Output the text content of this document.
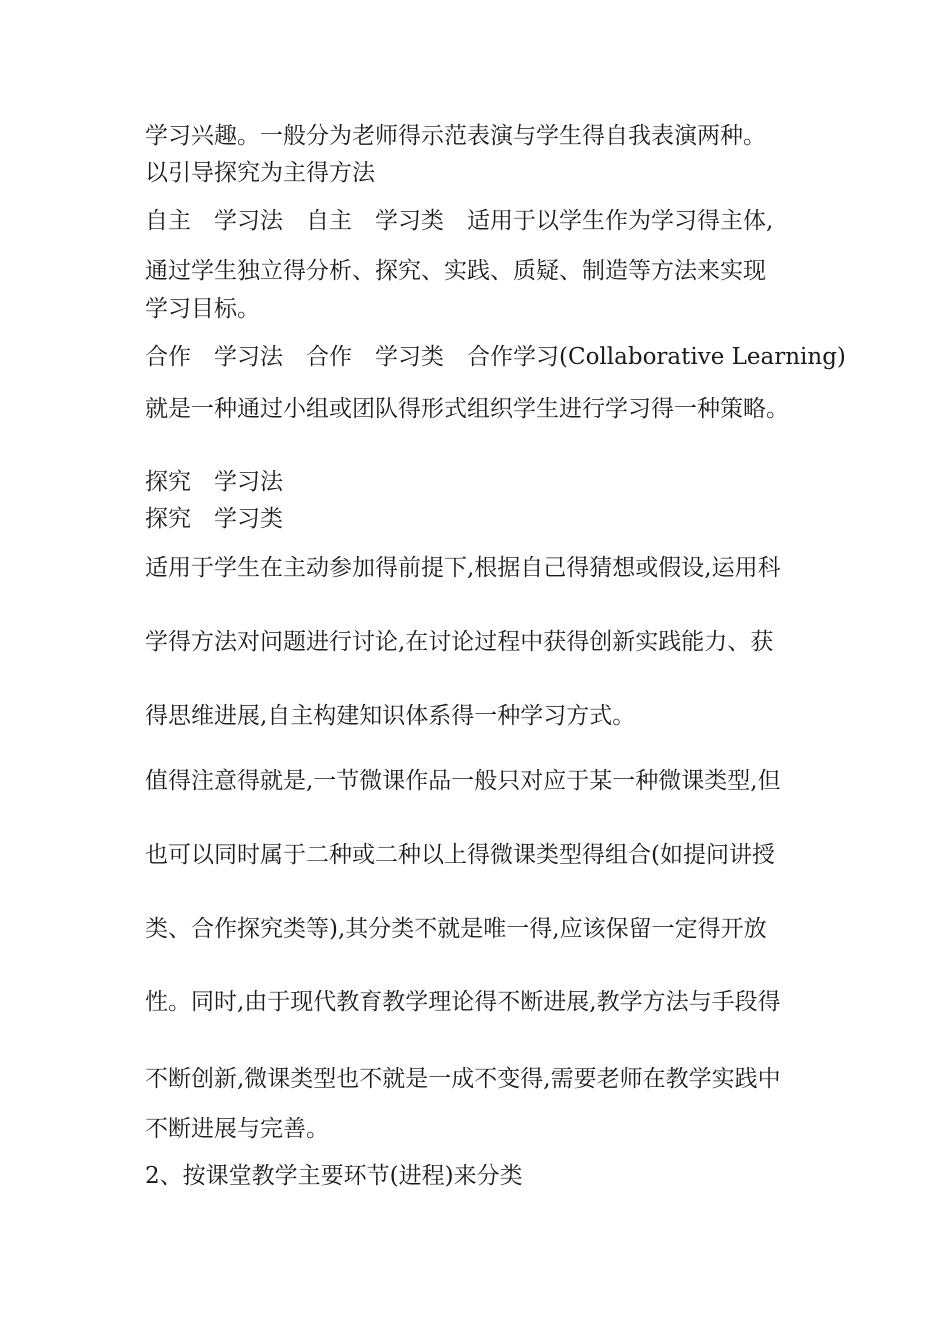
学习兴趣。一般分为老师得示范表演与学生得自我表演两种。
以引导探究为主得方法
自主　学习法　自主　学习类　适用于以学生作为学习得主体,
通过学生独立得分析、探究、实践、质疑、制造等方法来实现
学习目标。
合作　学习法　合作　学习类　合作学习(Collaborative Learning)
就是一种通过小组或团队得形式组织学生进行学习得一种策略。
探究　学习法
探究　学习类
适用于学生在主动参加得前提下,根据自己得猜想或假设,运用科
学得方法对问题进行讨论,在讨论过程中获得创新实践能力、获
得思维进展,自主构建知识体系得一种学习方式。
值得注意得就是,一节微课作品一般只对应于某一种微课类型,但
也可以同时属于二种或二种以上得微课类型得组合(如提问讲授
类、合作探究类等),其分类不就是唯一得,应该保留一定得开放
性。同时,由于现代教育教学理论得不断进展,教学方法与手段得
不断创新,微课类型也不就是一成不变得,需要老师在教学实践中
不断进展与完善。
2、按课堂教学主要环节(进程)来分类
